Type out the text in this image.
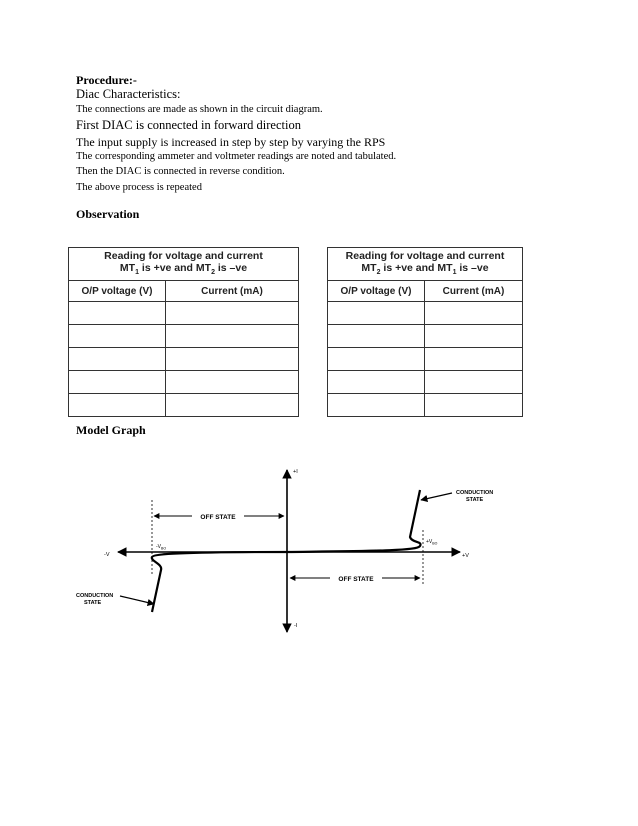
Procedure:-
Diac Characteristics:
The connections are made as shown in the circuit diagram.
First DIAC is connected in forward direction
The input supply is increased in step by step by varying the RPS
The corresponding ammeter and voltmeter readings are noted and tabulated.
Then the DIAC is connected in reverse condition.
The above process is repeated
Observation
Reading for voltage and current
$MT_1$ is +ve and $MT_2$ is –ve	

O/P voltage (V)	Current (mA)

Reading for voltage and current
$MT_2$ is +ve and $MT_1$ is –ve	

O/P voltage (V)	Current (mA)

Model Graph
OFF STATE
OFF STATE
CONDUCTION
STATE
CONDUCTION
STATE
+I
-I
+V
-V
$-V_{BO}$
$+V_{BO}$
